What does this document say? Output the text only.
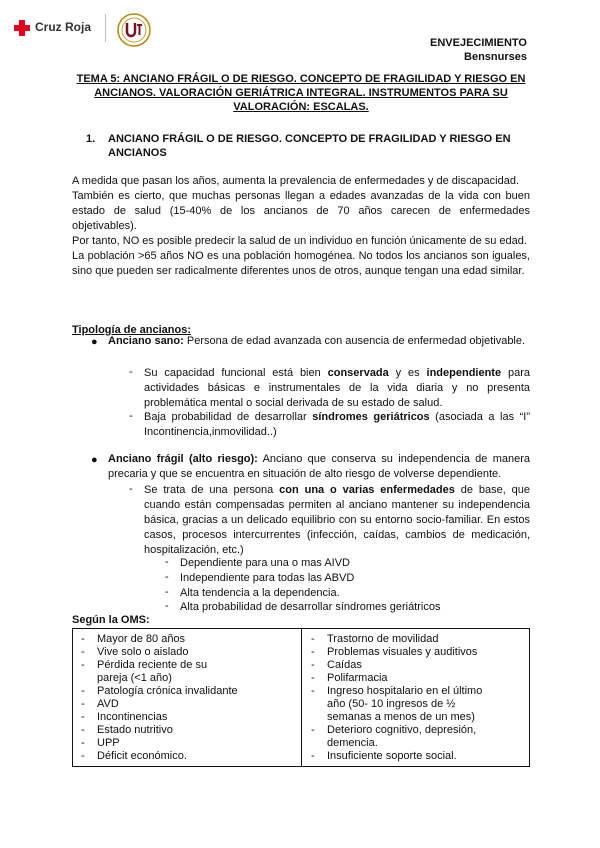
Cruz Roja
ENVEJECIMIENTO
Bensnurses
TEMA 5: ANCIANO FRÁGIL O DE RIESGO. CONCEPTO DE FRAGILIDAD Y RIESGO EN ANCIANOS. VALORACIÓN GERIÁTRICA INTEGRAL. INSTRUMENTOS PARA SU VALORACIÓN: ESCALAS.
1.	ANCIANO FRÁGIL O DE RIESGO. CONCEPTO DE FRAGILIDAD Y RIESGO EN ANCIANOS
A medida que pasan los años, aumenta la prevalencia de enfermedades y de discapacidad.
También es cierto, que muchas personas llegan a edades avanzadas de la vida con buen estado de salud (15-40% de los ancianos de 70 años carecen de enfermedades objetivables).
Por tanto, NO es posible predecir la salud de un individuo en función únicamente de su edad.
La población >65 años NO es una población homogénea. No todos los ancianos son iguales, sino que pueden ser radicalmente diferentes unos de otros, aunque tengan una edad similar.
Tipología de ancianos:
● Anciano sano: Persona de edad avanzada con ausencia de enfermedad objetivable.
- Su capacidad funcional está bien conservada y es independiente para actividades básicas e instrumentales de la vida diaria y no presenta problemática mental o social derivada de su estado de salud.
- Baja probabilidad de desarrollar síndromes geriátricos (asociada a las “I” Incontinencia,inmovilidad..)
● Anciano frágil (alto riesgo): Anciano que conserva su independencia de manera precaria y que se encuentra en situación de alto riesgo de volverse dependiente.
- Se trata de una persona con una o varias enfermedades de base, que cuando están compensadas permiten al anciano mantener su independencia básica, gracias a un delicado equilibrio con su entorno socio-familiar. En estos casos, procesos intercurrentes (infección, caídas, cambios de medicación, hospitalización, etc.)
- Dependiente para una o mas AIVD
- Independiente para todas las ABVD
- Alta tendencia a la dependencia.
- Alta probabilidad de desarrollar síndromes geriátricos
Según la OMS:
- Mayor de 80 años
- Vive solo o aislado
- Pérdida reciente de su pareja (<1 año)
- Patología crónica invalidante
- AVD
- Incontinencias
- Estado nutritivo
- UPP
- Déficit económico.
- Trastorno de movilidad
- Problemas visuales y auditivos
- Caídas
- Polifarmacia
- Ingreso hospitalario en el último año (50- 10 ingresos de ½ semanas a menos de un mes)
- Deterioro cognitivo, depresión, demencia.
- Insuficiente soporte social.
